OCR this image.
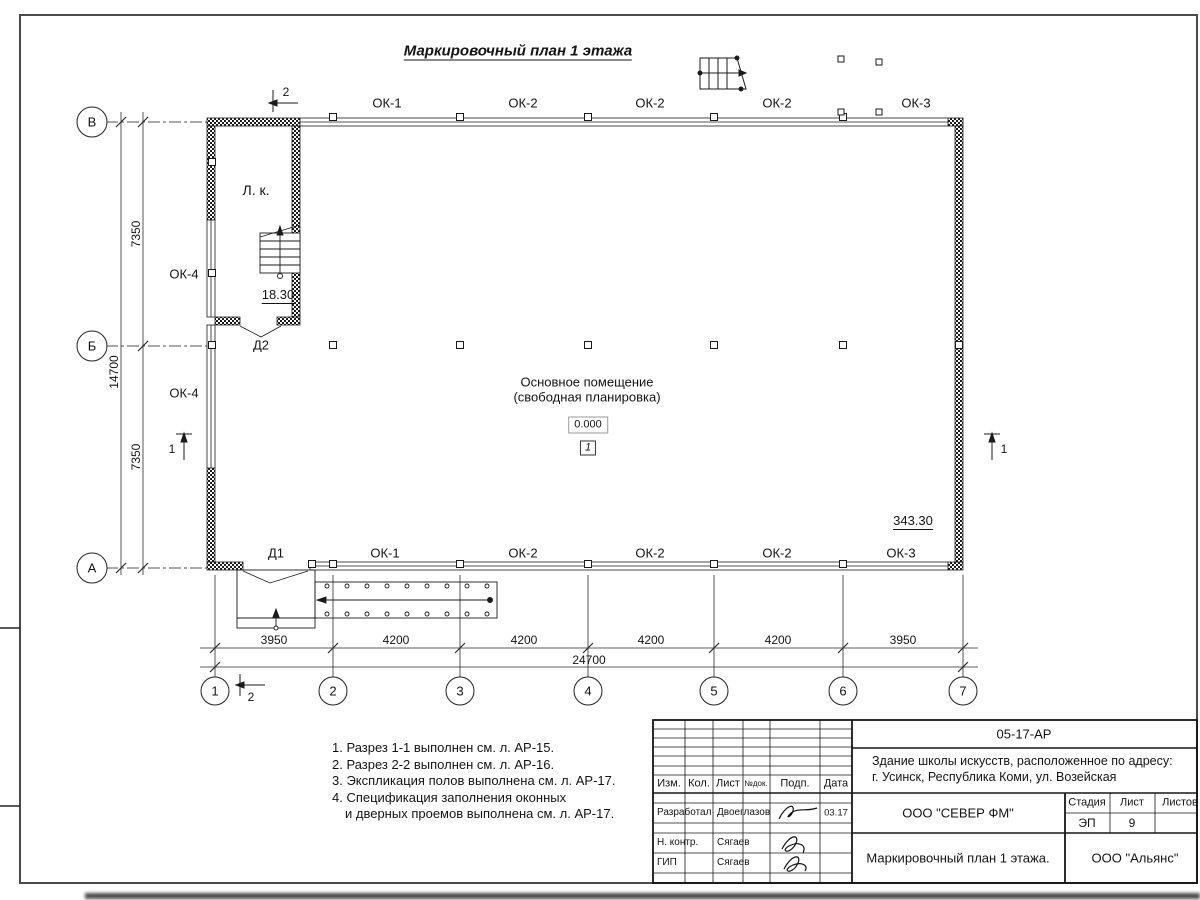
Маркировочный план 1 этажа
ОК-1	ОК-2	ОК-2	ОК-2	ОК-3
ОК-1	ОК-2	ОК-2	ОК-2	ОК-3
ОК-4
ОК-4
Д2
Д1
Л. к.
18.30
343.30
Основное помещение
(свободная планировка)
0.000
1
3950	4200	4200	4200	4200	3950
24700
7350
7350
14700
2
2
1	1
В
Б
А
1	2	3	4	5	6	7
1. Разрез 1-1 выполнен см. л. АР-15.
2. Разрез 2-2 выполнен см. л. АР-16.
3. Экспликация полов выполнена см. л. АР-17.
4. Спецификация заполнения оконных
и дверных проемов выполнена см. л. АР-17.
05-17-АР
Здание школы искусств, расположенное по адресу:
г. Усинск, Республика Коми, ул. Возейская
Изм. Кол. Лист №док. Подп. Дата
Разработал Двоеглазов	03.17
Н. контр. Сягаев
ГИП	Сягаев
ООО "СЕВЕР ФМ"
Маркировочный план 1 этажа.	ООО "Альянс"
Стадия Лист Листов
ЭП	9
